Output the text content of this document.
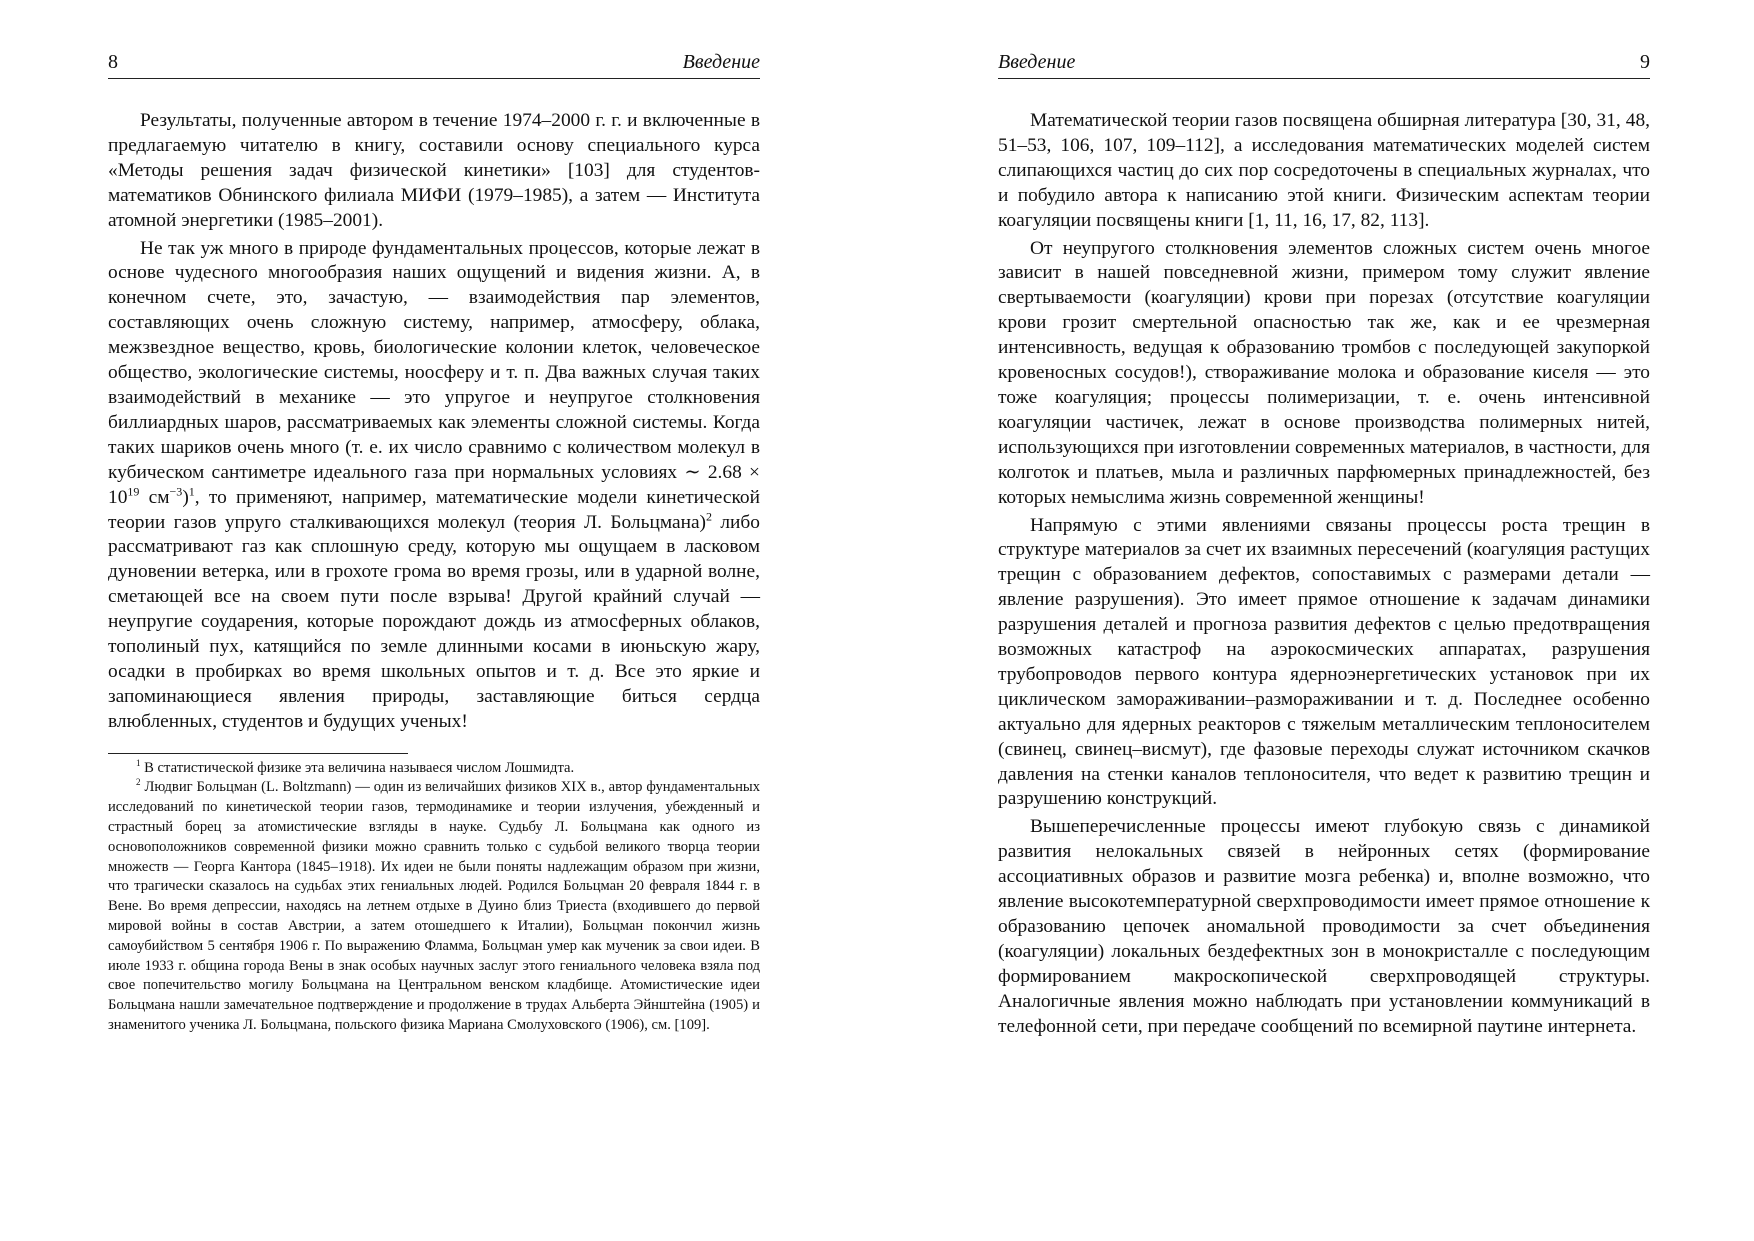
8	Введение

Результаты, полученные автором в течение 1974–2000 г. г. и включенные в предлагаемую читателю в книгу, составили основу специального курса «Методы решения задач физической кинетики» [103] для студентов-математиков Обнинского филиала МИФИ (1979–1985), а затем — Института атомной энергетики (1985–2001).

Не так уж много в природе фундаментальных процессов, которые лежат в основе чудесного многообразия наших ощущений и видения жизни. А, в конечном счете, это, зачастую, — взаимодействия пар элементов, составляющих очень сложную систему, например, атмосферу, облака, межзвездное вещество, кровь, биологические колонии клеток, человеческое общество, экологические системы, ноосферу и т. п. Два важных случая таких взаимодействий в механике — это упругое и неупругое столкновения биллиардных шаров, рассматриваемых как элементы сложной системы. Когда таких шариков очень много (т. е. их число сравнимо с количеством молекул в кубическом сантиметре идеального газа при нормальных условиях ∼ $2.68 \times 10^{19}$ $см^{-3})^1$, то применяют, например, математические модели кинетической теории газов упруго сталкивающихся молекул (теория Л. Больцмана)$^2$ либо рассматривают газ как сплошную среду, которую мы ощущаем в ласковом дуновении ветерка, или в грохоте грома во время грозы, или в ударной волне, сметающей все на своем пути после взрыва! Другой крайний случай — неупругие соударения, которые порождают дождь из атмосферных облаков, тополиный пух, катящийся по земле длинными косами в июньскую жару, осадки в пробирках во время школьных опытов и т. д. Все это яркие и запоминающиеся явления природы, заставляющие биться сердца влюбленных, студентов и будущих ученых!

$^1$ В статистической физике эта величина называеся числом Лошмидта.

$^2$ Людвиг Больцман (L. Boltzmann) — один из величайших физиков XIX в., автор фундаментальных исследований по кинетической теории газов, термодинамике и теории излучения, убежденный и страстный борец за атомистические взгляды в науке. Судьбу Л. Больцмана как одного из основоположников современной физики можно сравнить только с судьбой великого творца теории множеств — Георга Кантора (1845–1918). Их идеи не были поняты надлежащим образом при жизни, что трагически сказалось на судьбах этих гениальных людей. Родился Больцман 20 февраля 1844 г. в Вене. Во время депрессии, находясь на летнем отдыхе в Дуино близ Триеста (входившего до первой мировой войны в состав Австрии, а затем отошедшего к Италии), Больцман покончил жизнь самоубийством 5 сентября 1906 г. По выражению Фламма, Больцман умер как мученик за свои идеи. В июле 1933 г. община города Вены в знак особых научных заслуг этого гениального человека взяла под свое попечительство могилу Больцмана на Центральном венском кладбище. Атомистические идеи Больцмана нашли замечательное подтверждение и продолжение в трудах Альберта Эйнштейна (1905) и знаменитого ученика Л. Больцмана, польского физика Мариана Смолуховского (1906), см. [109].

Введение	9

Математической теории газов посвящена обширная литература [30, 31, 48, 51–53, 106, 107, 109–112], а исследования математических моделей систем слипающихся частиц до сих пор сосредоточены в специальных журналах, что и побудило автора к написанию этой книги. Физическим аспектам теории коагуляции посвящены книги [1, 11, 16, 17, 82, 113].

От неупругого столкновения элементов сложных систем очень многое зависит в нашей повседневной жизни, примером тому служит явление свертываемости (коагуляции) крови при порезах (отсутствие коагуляции крови грозит смертельной опасностью так же, как и ее чрезмерная интенсивность, ведущая к образованию тромбов с последующей закупоркой кровеносных сосудов!), створаживание молока и образование киселя — это тоже коагуляция; процессы полимеризации, т. е. очень интенсивной коагуляции частичек, лежат в основе производства полимерных нитей, использующихся при изготовлении современных материалов, в частности, для колготок и платьев, мыла и различных парфюмерных принадлежностей, без которых немыслима жизнь современной женщины!

Напрямую с этими явлениями связаны процессы роста трещин в структуре материалов за счет их взаимных пересечений (коагуляция растущих трещин с образованием дефектов, сопоставимых с размерами детали — явление разрушения). Это имеет прямое отношение к задачам динамики разрушения деталей и прогноза развития дефектов с целью предотвращения возможных катастроф на аэрокосмических аппаратах, разрушения трубопроводов первого контура ядерноэнергетических установок при их циклическом замораживании–размораживании и т. д. Последнее особенно актуально для ядерных реакторов с тяжелым металлическим теплоносителем (свинец, свинец–висмут), где фазовые переходы служат источником скачков давления на стенки каналов теплоносителя, что ведет к развитию трещин и разрушению конструкций.

Вышеперечисленные процессы имеют глубокую связь с динамикой развития нелокальных связей в нейронных сетях (формирование ассоциативных образов и развитие мозга ребенка) и, вполне возможно, что явление высокотемпературной сверхпроводимости имеет прямое отношение к образованию цепочек аномальной проводимости за счет объединения (коагуляции) локальных бездефектных зон в монокристалле с последующим формированием макроскопической сверхпроводящей структуры. Аналогичные явления можно наблюдать при установлении коммуникаций в телефонной сети, при передаче сообщений по всемирной паутине интернета.
